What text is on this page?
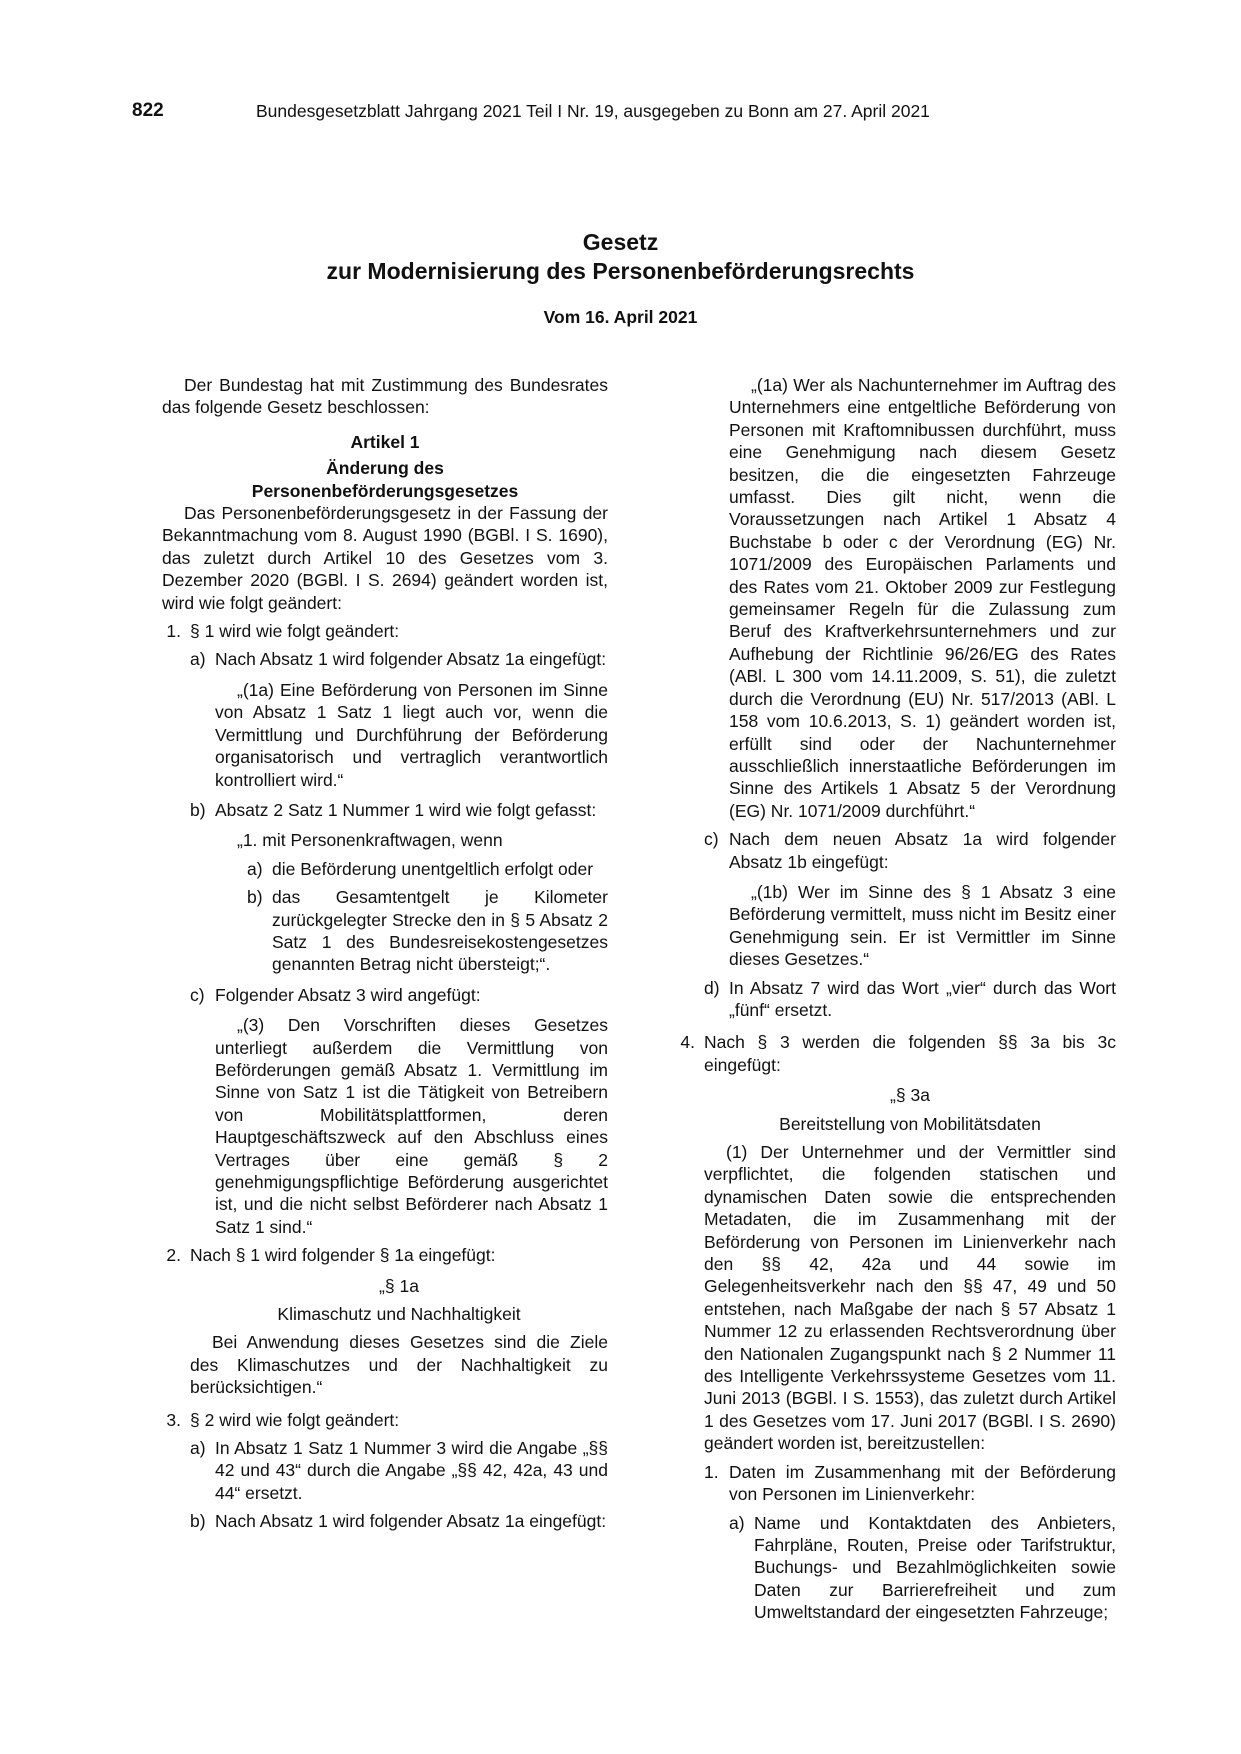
822	Bundesgesetzblatt Jahrgang 2021 Teil I Nr. 19, ausgegeben zu Bonn am 27. April 2021
Gesetz
zur Modernisierung des Personenbeförderungsrechts
Vom 16. April 2021

Der Bundestag hat mit Zustimmung des Bundesrates das folgende Gesetz beschlossen:

Artikel 1

Änderung des

Personenbeförderungsgesetzes

Das Personenbeförderungsgesetz in der Fassung der Bekanntmachung vom 8. August 1990 (BGBl. I S. 1690), das zuletzt durch Artikel 10 des Gesetzes vom 3. Dezember 2020 (BGBl. I S. 2694) geändert worden ist, wird wie folgt geändert:

1. § 1 wird wie folgt geändert:
a) Nach Absatz 1 wird folgender Absatz 1a eingefügt:

„(1a) Eine Beförderung von Personen im Sinne von Absatz 1 Satz 1 liegt auch vor, wenn die Vermittlung und Durchführung der Beförderung organisatorisch und vertraglich verantwortlich kontrolliert wird.“

b) Absatz 2 Satz 1 Nummer 1 wird wie folgt gefasst:

„1. mit Personenkraftwagen, wenn

a) die Beförderung unentgeltlich erfolgt oder
b) das Gesamtentgelt je Kilometer zurückgelegter Strecke den in § 5 Absatz 2 Satz 1 des Bundesreisekostengesetzes genannten Betrag nicht übersteigt;“.
c) Folgender Absatz 3 wird angefügt:

„(3) Den Vorschriften dieses Gesetzes unterliegt außerdem die Vermittlung von Beförderungen gemäß Absatz 1. Vermittlung im Sinne von Satz 1 ist die Tätigkeit von Betreibern von Mobilitätsplattformen, deren Hauptgeschäftszweck auf den Abschluss eines Vertrages über eine gemäß § 2 genehmigungspflichtige Beförderung ausgerichtet ist, und die nicht selbst Beförderer nach Absatz 1 Satz 1 sind.“

2. Nach § 1 wird folgender § 1a eingefügt:

„§ 1a

Klimaschutz und Nachhaltigkeit

Bei Anwendung dieses Gesetzes sind die Ziele des Klimaschutzes und der Nachhaltigkeit zu berücksichtigen.“

3. § 2 wird wie folgt geändert:
a) In Absatz 1 Satz 1 Nummer 3 wird die Angabe „§§ 42 und 43“ durch die Angabe „§§ 42, 42a, 43 und 44“ ersetzt.
b) Nach Absatz 1 wird folgender Absatz 1a eingefügt:

„(1a) Wer als Nachunternehmer im Auftrag des Unternehmers eine entgeltliche Beförderung von Personen mit Kraftomnibussen durchführt, muss eine Genehmigung nach diesem Gesetz besitzen, die die eingesetzten Fahrzeuge umfasst. Dies gilt nicht, wenn die Voraussetzungen nach Artikel 1 Absatz 4 Buchstabe b oder c der Verordnung (EG) Nr. 1071/2009 des Europäischen Parlaments und des Rates vom 21. Oktober 2009 zur Festlegung gemeinsamer Regeln für die Zulassung zum Beruf des Kraftverkehrsunternehmers und zur Aufhebung der Richtlinie 96/26/EG des Rates (ABl. L 300 vom 14.11.2009, S. 51), die zuletzt durch die Verordnung (EU) Nr. 517/2013 (ABl. L 158 vom 10.6.2013, S. 1) geändert worden ist, erfüllt sind oder der Nachunternehmer ausschließlich innerstaatliche Beförderungen im Sinne des Artikels 1 Absatz 5 der Verordnung (EG) Nr. 1071/2009 durchführt.“

c) Nach dem neuen Absatz 1a wird folgender Absatz 1b eingefügt:

„(1b) Wer im Sinne des § 1 Absatz 3 eine Beförderung vermittelt, muss nicht im Besitz einer Genehmigung sein. Er ist Vermittler im Sinne dieses Gesetzes.“

d) In Absatz 7 wird das Wort „vier“ durch das Wort „fünf“ ersetzt.
4. Nach § 3 werden die folgenden §§ 3a bis 3c eingefügt:

„§ 3a

Bereitstellung von Mobilitätsdaten

(1) Der Unternehmer und der Vermittler sind verpflichtet, die folgenden statischen und dynamischen Daten sowie die entsprechenden Metadaten, die im Zusammenhang mit der Beförderung von Personen im Linienverkehr nach den §§ 42, 42a und 44 sowie im Gelegenheitsverkehr nach den §§ 47, 49 und 50 entstehen, nach Maßgabe der nach § 57 Absatz 1 Nummer 12 zu erlassenden Rechtsverordnung über den Nationalen Zugangspunkt nach § 2 Nummer 11 des Intelligente Verkehrssysteme Gesetzes vom 11. Juni 2013 (BGBl. I S. 1553), das zuletzt durch Artikel 1 des Gesetzes vom 17. Juni 2017 (BGBl. I S. 2690) geändert worden ist, bereitzustellen:

1. Daten im Zusammenhang mit der Beförderung von Personen im Linienverkehr:
a) Name und Kontaktdaten des Anbieters, Fahrpläne, Routen, Preise oder Tarifstruktur, Buchungs- und Bezahlmöglichkeiten sowie Daten zur Barrierefreiheit und zum Umweltstandard der eingesetzten Fahrzeuge;
